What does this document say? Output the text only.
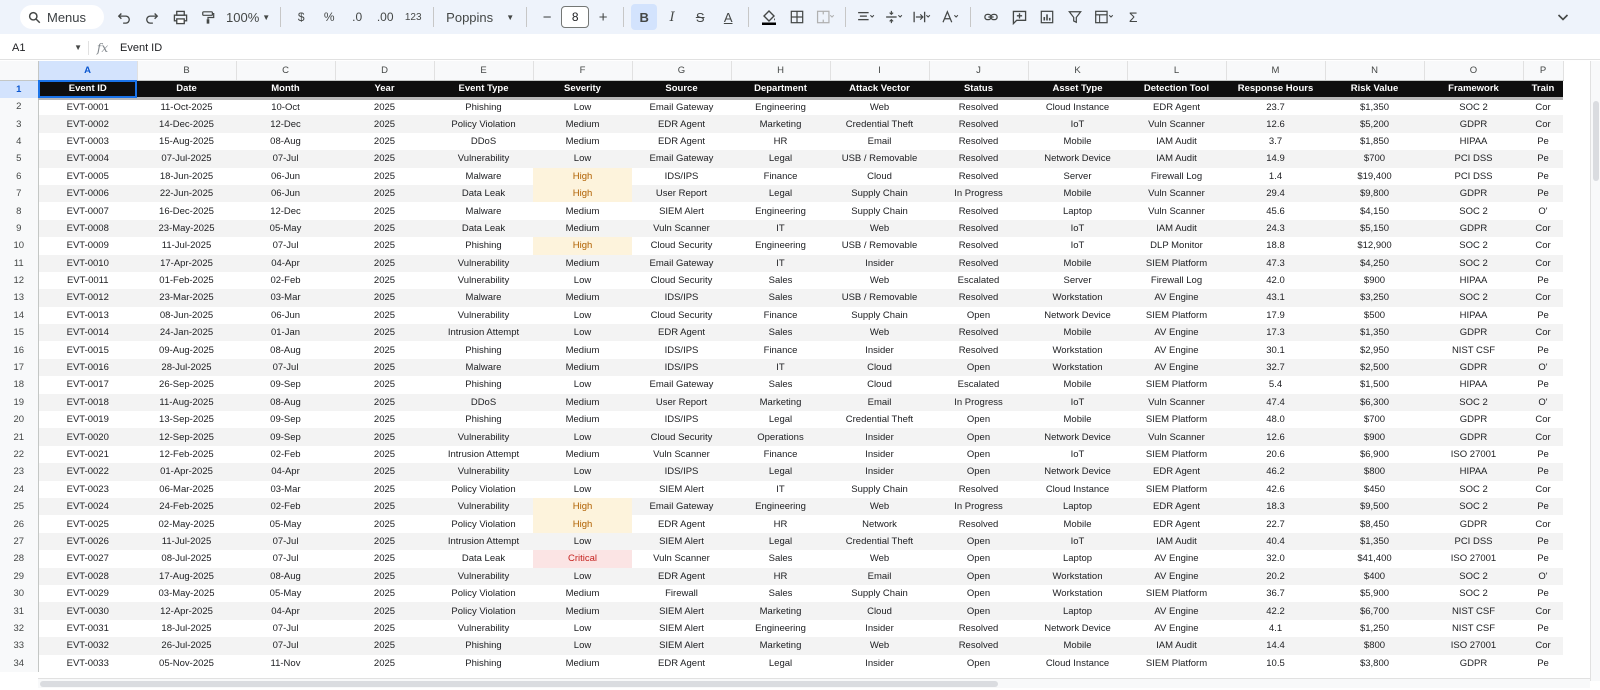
Menus	100% ▼	$	%	.0	.00	123	Poppins ▼	−	8	+	B	I	S	A	Σ
A1	▼	fx	Event ID
	A	B	C	D	E	F	G	H	I	J	K	L	M	N	O	P
1	Event ID	Date	Month	Year	Event Type	Severity	Source	Department	Attack Vector	Status	Asset Type	Detection Tool	Response Hours	Risk Value	Framework	Train
2	EVT-0001	11-Oct-2025	10-Oct	2025	Phishing	Low	Email Gateway	Engineering	Web	Resolved	Cloud Instance	EDR Agent	23.7	$1,350	SOC 2	Cor
3	EVT-0002	14-Dec-2025	12-Dec	2025	Policy Violation	Medium	EDR Agent	Marketing	Credential Theft	Resolved	IoT	Vuln Scanner	12.6	$5,200	GDPR	Cor
4	EVT-0003	15-Aug-2025	08-Aug	2025	DDoS	Medium	EDR Agent	HR	Email	Resolved	Mobile	IAM Audit	3.7	$1,850	HIPAA	Pe
5	EVT-0004	07-Jul-2025	07-Jul	2025	Vulnerability	Low	Email Gateway	Legal	USB / Removable	Resolved	Network Device	IAM Audit	14.9	$700	PCI DSS	Pe
6	EVT-0005	18-Jun-2025	06-Jun	2025	Malware	High	IDS/IPS	Finance	Cloud	Resolved	Server	Firewall Log	1.4	$19,400	PCI DSS	Pe
7	EVT-0006	22-Jun-2025	06-Jun	2025	Data Leak	High	User Report	Legal	Supply Chain	In Progress	Mobile	Vuln Scanner	29.4	$9,800	GDPR	Pe
8	EVT-0007	16-Dec-2025	12-Dec	2025	Malware	Medium	SIEM Alert	Engineering	Supply Chain	Resolved	Laptop	Vuln Scanner	45.6	$4,150	SOC 2	O'
9	EVT-0008	23-May-2025	05-May	2025	Data Leak	Medium	Vuln Scanner	IT	Web	Resolved	IoT	IAM Audit	24.3	$5,150	GDPR	Cor
10	EVT-0009	11-Jul-2025	07-Jul	2025	Phishing	High	Cloud Security	Engineering	USB / Removable	Resolved	IoT	DLP Monitor	18.8	$12,900	SOC 2	Cor
11	EVT-0010	17-Apr-2025	04-Apr	2025	Vulnerability	Medium	Email Gateway	IT	Insider	Resolved	Mobile	SIEM Platform	47.3	$4,250	SOC 2	Cor
12	EVT-0011	01-Feb-2025	02-Feb	2025	Vulnerability	Low	Cloud Security	Sales	Web	Escalated	Server	Firewall Log	42.0	$900	HIPAA	Pe
13	EVT-0012	23-Mar-2025	03-Mar	2025	Malware	Medium	IDS/IPS	Sales	USB / Removable	Resolved	Workstation	AV Engine	43.1	$3,250	SOC 2	Cor
14	EVT-0013	08-Jun-2025	06-Jun	2025	Vulnerability	Low	Cloud Security	Finance	Supply Chain	Open	Network Device	SIEM Platform	17.9	$500	HIPAA	Pe
15	EVT-0014	24-Jan-2025	01-Jan	2025	Intrusion Attempt	Low	EDR Agent	Sales	Web	Resolved	Mobile	AV Engine	17.3	$1,350	GDPR	Cor
16	EVT-0015	09-Aug-2025	08-Aug	2025	Phishing	Medium	IDS/IPS	Finance	Insider	Resolved	Workstation	AV Engine	30.1	$2,950	NIST CSF	Pe
17	EVT-0016	28-Jul-2025	07-Jul	2025	Malware	Medium	IDS/IPS	IT	Cloud	Open	Workstation	AV Engine	32.7	$2,500	GDPR	O'
18	EVT-0017	26-Sep-2025	09-Sep	2025	Phishing	Low	Email Gateway	Sales	Cloud	Escalated	Mobile	SIEM Platform	5.4	$1,500	HIPAA	Pe
19	EVT-0018	11-Aug-2025	08-Aug	2025	DDoS	Medium	User Report	Marketing	Email	In Progress	IoT	Vuln Scanner	47.4	$6,300	SOC 2	O'
20	EVT-0019	13-Sep-2025	09-Sep	2025	Phishing	Medium	IDS/IPS	Legal	Credential Theft	Open	Mobile	SIEM Platform	48.0	$700	GDPR	Cor
21	EVT-0020	12-Sep-2025	09-Sep	2025	Vulnerability	Low	Cloud Security	Operations	Insider	Open	Network Device	Vuln Scanner	12.6	$900	GDPR	Cor
22	EVT-0021	12-Feb-2025	02-Feb	2025	Intrusion Attempt	Medium	Vuln Scanner	Finance	Insider	Open	IoT	SIEM Platform	20.6	$6,900	ISO 27001	Pe
23	EVT-0022	01-Apr-2025	04-Apr	2025	Vulnerability	Low	IDS/IPS	Legal	Insider	Open	Network Device	EDR Agent	46.2	$800	HIPAA	Pe
24	EVT-0023	06-Mar-2025	03-Mar	2025	Policy Violation	Low	SIEM Alert	IT	Supply Chain	Resolved	Cloud Instance	SIEM Platform	42.6	$450	SOC 2	Cor
25	EVT-0024	24-Feb-2025	02-Feb	2025	Vulnerability	High	Email Gateway	Engineering	Web	In Progress	Laptop	EDR Agent	18.3	$9,500	SOC 2	Pe
26	EVT-0025	02-May-2025	05-May	2025	Policy Violation	High	EDR Agent	HR	Network	Resolved	Mobile	EDR Agent	22.7	$8,450	GDPR	Cor
27	EVT-0026	11-Jul-2025	07-Jul	2025	Intrusion Attempt	Low	SIEM Alert	Legal	Credential Theft	Open	IoT	IAM Audit	40.4	$1,350	PCI DSS	Pe
28	EVT-0027	08-Jul-2025	07-Jul	2025	Data Leak	Critical	Vuln Scanner	Sales	Web	Open	Laptop	AV Engine	32.0	$41,400	ISO 27001	Pe
29	EVT-0028	17-Aug-2025	08-Aug	2025	Vulnerability	Low	EDR Agent	HR	Email	Open	Workstation	AV Engine	20.2	$400	SOC 2	O'
30	EVT-0029	03-May-2025	05-May	2025	Policy Violation	Medium	Firewall	Sales	Supply Chain	Open	Workstation	SIEM Platform	36.7	$5,900	SOC 2	Pe
31	EVT-0030	12-Apr-2025	04-Apr	2025	Policy Violation	Medium	SIEM Alert	Marketing	Cloud	Open	Laptop	AV Engine	42.2	$6,700	NIST CSF	Cor
32	EVT-0031	18-Jul-2025	07-Jul	2025	Vulnerability	Low	SIEM Alert	Engineering	Insider	Resolved	Network Device	AV Engine	4.1	$1,250	NIST CSF	Pe
33	EVT-0032	26-Jul-2025	07-Jul	2025	Phishing	Low	SIEM Alert	Marketing	Web	Resolved	Mobile	IAM Audit	14.4	$800	ISO 27001	Cor
34	EVT-0033	05-Nov-2025	11-Nov	2025	Phishing	Medium	EDR Agent	Legal	Insider	Open	Cloud Instance	SIEM Platform	10.5	$3,800	GDPR	Pe
